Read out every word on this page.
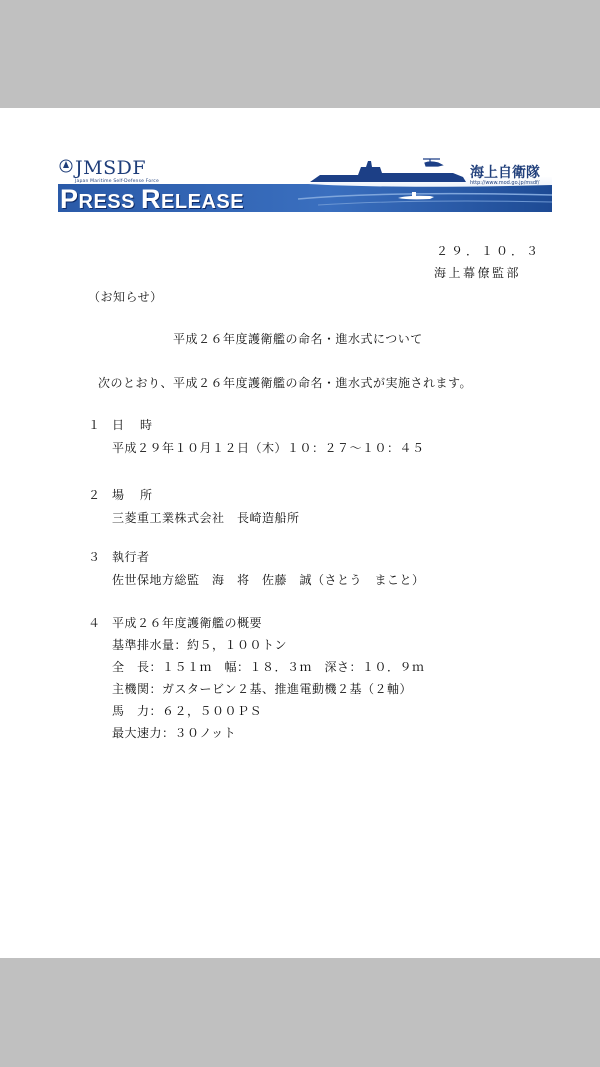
JMSDF
Japan Maritime Self-Defense Force
PRESS RELEASE
海上自衛隊
http://www.mod.go.jp/msdf/
２９．１０．３
海上幕僚監部
（お知らせ）
平成２６年度護衛艦の命名・進水式について
次のとおり、平成２６年度護衛艦の命名・進水式が実施されます。
１ 日　時
平成２９年１０月１２日（木）１０：２７～１０：４５
２ 場　所
三菱重工業株式会社　長崎造船所
３ 執行者
佐世保地方総監　海　将　佐藤　誠（さとう　まこと）
４ 平成２６年度護衛艦の概要
基準排水量：約５，１００トン
全　長：１５１ｍ　幅：１８．３ｍ　深さ：１０．９ｍ
主機関：ガスタービン２基、推進電動機２基（２軸）
馬　力：６２，５００ＰＳ
最大速力：３０ノット
